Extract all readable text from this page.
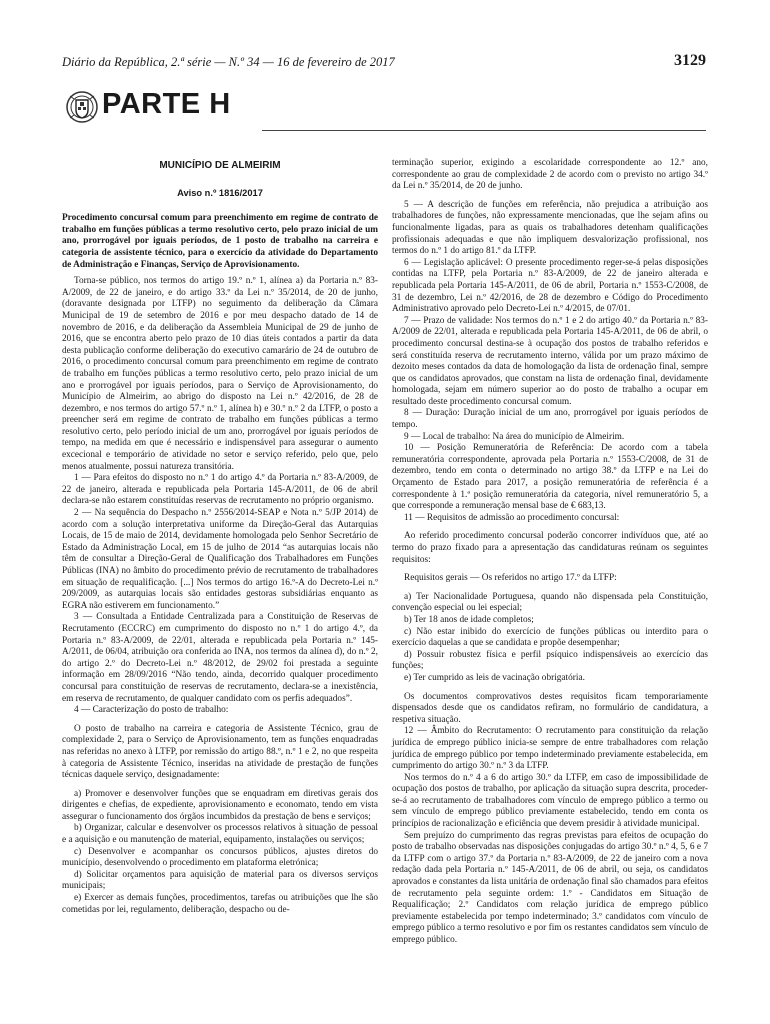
Diário da República, 2.ª série — N.º 34 — 16 de fevereiro de 2017	3129
PARTE H

MUNICÍPIO DE ALMEIRIM

Aviso n.º 1816/2017

Procedimento concursal comum para preenchimento em regime de contrato de trabalho em funções públicas a termo resolutivo certo, pelo prazo inicial de um ano, prorrogável por iguais períodos, de 1 posto de trabalho na carreira e categoria de assistente técnico, para o exercício da atividade do Departamento de Administração e Finanças, Serviço de Aprovisionamento.

Torna-se público, nos termos do artigo 19.º n.º 1, alínea a) da Portaria n.º 83-A/2009, de 22 de janeiro, e do artigo 33.º da Lei n.º 35/2014, de 20 de junho, (doravante designada por LTFP) no seguimento da deliberação da Câmara Municipal de 19 de setembro de 2016 e por meu despacho datado de 14 de novembro de 2016, e da deliberação da Assembleia Municipal de 29 de junho de 2016, que se encontra aberto pelo prazo de 10 dias úteis contados a partir da data desta publicação conforme deliberação do executivo camarário de 24 de outubro de 2016, o procedimento concursal comum para preenchimento em regime de contrato de trabalho em funções públicas a termo resolutivo certo, pelo prazo inicial de um ano e prorrogável por iguais períodos, para o Serviço de Aprovisionamento, do Município de Almeirim, ao abrigo do disposto na Lei n.º 42/2016, de 28 de dezembro, e nos termos do artigo 57.º n.º 1, alínea h) e 30.º n.º 2 da LTFP, o posto a preencher será em regime de contrato de trabalho em funções públicas a termo resolutivo certo, pelo período inicial de um ano, prorrogável por iguais períodos de tempo, na medida em que é necessário e indispensável para assegurar o aumento excecional e temporário de atividade no setor e serviço referido, pelo que, pelo menos atualmente, possui natureza transitória.

1 — Para efeitos do disposto no n.º 1 do artigo 4.º da Portaria n.º 83-A/2009, de 22 de janeiro, alterada e republicada pela Portaria 145-A/2011, de 06 de abril declara-se não estarem constituídas reservas de recrutamento no próprio organismo.

2 — Na sequência do Despacho n.º 2556/2014-SEAP e Nota n.º 5/JP 2014) de acordo com a solução interpretativa uniforme da Direção-Geral das Autarquias Locais, de 15 de maio de 2014, devidamente homologada pelo Senhor Secretário de Estado da Administração Local, em 15 de julho de 2014 “as autarquias locais não têm de consultar a Direção-Geral de Qualificação dos Trabalhadores em Funções Públicas (INA) no âmbito do procedimento prévio de recrutamento de trabalhadores em situação de requalificação. [...] Nos termos do artigo 16.º-A do Decreto-Lei n.º 209/2009, as autarquias locais são entidades gestoras subsidiárias enquanto as EGRA não estiverem em funcionamento.”

3 — Consultada a Entidade Centralizada para a Constituição de Reservas de Recrutamento (ECCRC) em cumprimento do disposto no n.º 1 do artigo 4.º, da Portaria n.º 83-A/2009, de 22/01, alterada e republicada pela Portaria n.º 145-A/2011, de 06/04, atribuição ora conferida ao INA, nos termos da alínea d), do n.º 2, do artigo 2.º do Decreto-Lei n.º 48/2012, de 29/02 foi prestada a seguinte informação em 28/09/2016 “Não tendo, ainda, decorrido qualquer procedimento concursal para constituição de reservas de recrutamento, declara-se a inexistência, em reserva de recrutamento, de qualquer candidato com os perfis adequados”.

4 — Caracterização do posto de trabalho:

O posto de trabalho na carreira e categoria de Assistente Técnico, grau de complexidade 2, para o Serviço de Aprovisionamento, tem as funções enquadradas nas referidas no anexo à LTFP, por remissão do artigo 88.º, n.º 1 e 2, no que respeita à categoria de Assistente Técnico, inseridas na atividade de prestação de funções técnicas daquele serviço, designadamente:

a) Promover e desenvolver funções que se enquadram em diretivas gerais dos dirigentes e chefias, de expediente, aprovisionamento e economato, tendo em vista assegurar o funcionamento dos órgãos incumbidos da prestação de bens e serviços;

b) Organizar, calcular e desenvolver os processos relativos à situação de pessoal e a aquisição e ou manutenção de material, equipamento, instalações ou serviços;

c) Desenvolver e acompanhar os concursos públicos, ajustes diretos do município, desenvolvendo o procedimento em plataforma eletrónica;

d) Solicitar orçamentos para aquisição de material para os diversos serviços municipais;

e) Exercer as demais funções, procedimentos, tarefas ou atribuições que lhe são cometidas por lei, regulamento, deliberação, despacho ou de-

terminação superior, exigindo a escolaridade correspondente ao 12.º ano, correspondente ao grau de complexidade 2 de acordo com o previsto no artigo 34.º da Lei n.º 35/2014, de 20 de junho.

5 — A descrição de funções em referência, não prejudica a atribuição aos trabalhadores de funções, não expressamente mencionadas, que lhe sejam afins ou funcionalmente ligadas, para as quais os trabalhadores detenham qualificações profissionais adequadas e que não impliquem desvalorização profissional, nos termos do n.º 1 do artigo 81.º da LTFP.

6 — Legislação aplicável: O presente procedimento reger-se-á pelas disposições contidas na LTFP, pela Portaria n.º 83-A/2009, de 22 de janeiro alterada e republicada pela Portaria 145-A/2011, de 06 de abril, Portaria n.º 1553-C/2008, de 31 de dezembro, Lei n.º 42/2016, de 28 de dezembro e Código do Procedimento Administrativo aprovado pelo Decreto-Lei n.º 4/2015, de 07/01.

7 — Prazo de validade: Nos termos do n.º 1 e 2 do artigo 40.º da Portaria n.º 83-A/2009 de 22/01, alterada e republicada pela Portaria 145-A/2011, de 06 de abril, o procedimento concursal destina-se à ocupação dos postos de trabalho referidos e será constituída reserva de recrutamento interno, válida por um prazo máximo de dezoito meses contados da data de homologação da lista de ordenação final, sempre que os candidatos aprovados, que constam na lista de ordenação final, devidamente homologada, sejam em número superior ao do posto de trabalho a ocupar em resultado deste procedimento concursal comum.

8 — Duração: Duração inicial de um ano, prorrogável por iguais períodos de tempo.

9 — Local de trabalho: Na área do município de Almeirim.

10 — Posição Remuneratória de Referência: De acordo com a tabela remuneratória correspondente, aprovada pela Portaria n.º 1553-C/2008, de 31 de dezembro, tendo em conta o determinado no artigo 38.º da LTFP e na Lei do Orçamento de Estado para 2017, a posição remuneratória de referência é a correspondente à 1.ª posição remuneratória da categoria, nível remuneratório 5, a que corresponde a remuneração mensal base de € 683,13.

11 — Requisitos de admissão ao procedimento concursal:

Ao referido procedimento concursal poderão concorrer indivíduos que, até ao termo do prazo fixado para a apresentação das candidaturas reúnam os seguintes requisitos:

Requisitos gerais — Os referidos no artigo 17.º da LTFP:

a) Ter Nacionalidade Portuguesa, quando não dispensada pela Constituição, convenção especial ou lei especial;

b) Ter 18 anos de idade completos;

c) Não estar inibido do exercício de funções públicas ou interdito para o exercício daquelas a que se candidata e propõe desempenhar;

d) Possuir robustez física e perfil psíquico indispensáveis ao exercício das funções;

e) Ter cumprido as leis de vacinação obrigatória.

Os documentos comprovativos destes requisitos ficam temporariamente dispensados desde que os candidatos refiram, no formulário de candidatura, a respetiva situação.

12 — Âmbito do Recrutamento: O recrutamento para constituição da relação jurídica de emprego público inicia-se sempre de entre trabalhadores com relação jurídica de emprego público por tempo indeterminado previamente estabelecida, em cumprimento do artigo 30.º n.º 3 da LTFP.

Nos termos do n.º 4 a 6 do artigo 30.º da LTFP, em caso de impossibilidade de ocupação dos postos de trabalho, por aplicação da situação supra descrita, proceder-se-á ao recrutamento de trabalhadores com vínculo de emprego público a termo ou sem vínculo de emprego público previamente estabelecido, tendo em conta os princípios de racionalização e eficiência que devem presidir à atividade municipal.

Sem prejuízo do cumprimento das regras previstas para efeitos de ocupação do posto de trabalho observadas nas disposições conjugadas do artigo 30.º n.º 4, 5, 6 e 7 da LTFP com o artigo 37.º da Portaria n.º 83-A/2009, de 22 de janeiro com a nova redação dada pela Portaria n.º 145-A/2011, de 06 de abril, ou seja, os candidatos aprovados e constantes da lista unitária de ordenação final são chamados para efeitos de recrutamento pela seguinte ordem: 1.º - Candidatos em Situação de Requalificação; 2.º Candidatos com relação jurídica de emprego público previamente estabelecida por tempo indeterminado; 3.º candidatos com vínculo de emprego público a termo resolutivo e por fim os restantes candidatos sem vínculo de emprego público.
